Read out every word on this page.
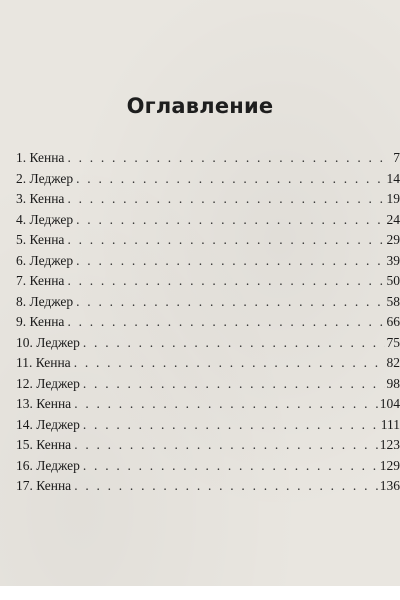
Оглавление
1. Кенна . . .	7
2. Леджер . . .	14
3. Кенна . . .	19
4. Леджер . . .	24
5. Кенна . . .	29
6. Леджер . . .	39
7. Кенна . . .	50
8. Леджер . . .	58
9. Кенна . . .	66
10. Леджер . . .	75
11. Кенна . . .	82
12. Леджер . . .	98
13. Кенна . . .	104
14. Леджер . . .	111
15. Кенна . . .	123
16. Леджер . . .	129
17. Кенна . . .	136
